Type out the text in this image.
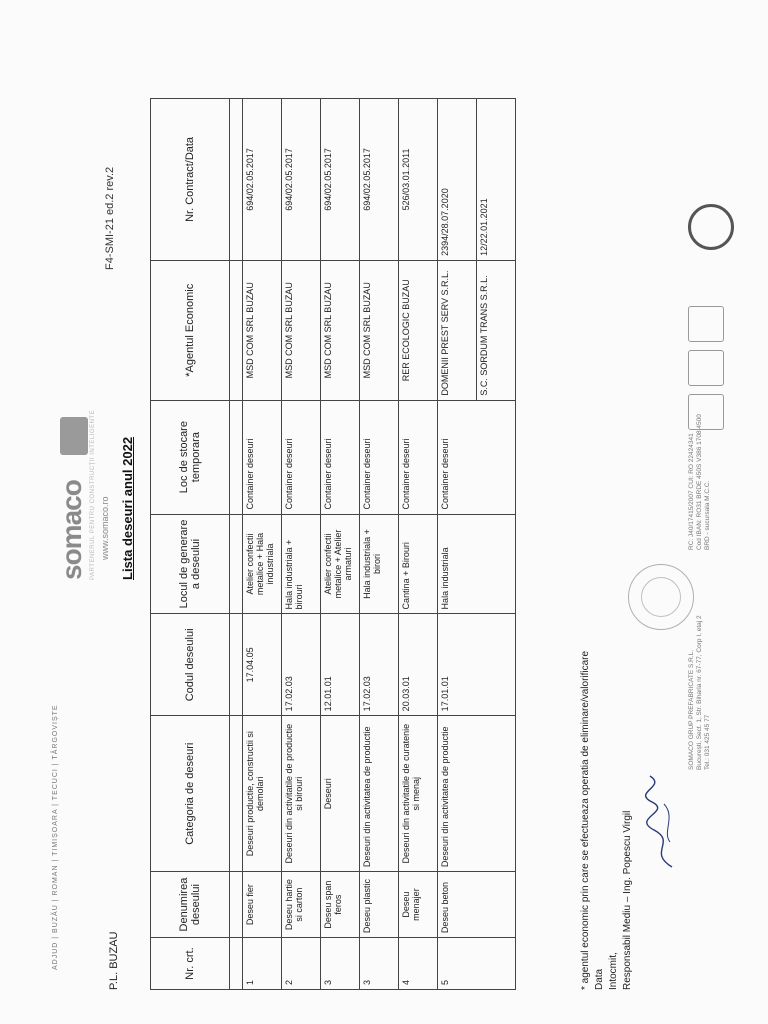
ADJUD | BUZĂU | ROMAN | TIMIȘOARA | TECUCI | TÂRGOVIȘTE
somaco PARTENERUL PENTRU CONSTRUCȚII INTELIGENTE www.somaco.ro
F4-SMI-21 ed.2 rev.2
P.L. BUZAU
Lista deseuri anul 2022
Nr. crt.	Denumirea deseului	Categoria de deseuri	Codul deseului	Locul de generare a deseului	Loc de stocare temporara	*Agentul Economic	Nr. Contract/Data

1	Deseu fier	Deseuri productie, constructii si demolari	17.04.05	Atelier confectii metalice + Hala industriala	Container deseuri	MSD COM SRL BUZAU	694/02.05.2017
2	Deseu hartie si carton	Deseuri din activitatile de productie si birouri	17.02.03	Hala industriala + birouri	Container deseuri	MSD COM SRL BUZAU	694/02.05.2017
3	Deseu span feros	Deseuri	12.01.01	Atelier confectii metalice + Atelier armaturi	Container deseuri	MSD COM SRL BUZAU	694/02.05.2017
3	Deseu plastic	Deseuri din activitatea de productie	17.02.03	Hala industriala + birori	Container deseuri	MSD COM SRL BUZAU	694/02.05.2017
4	Deseu menajer	Deseuri din activitatile de curatenie si menaj	20.03.01	Cantina + Birouri	Container deseuri	RER ECOLOGIC BUZAU	526/03.01.2011
5	Deseu beton	Deseuri din activitatea de productie	17.01.01	Hala industriala	Container deseuri	DOMENII PREST SERV S.R.L.	2394/28.07.2020
						S.C. SORDUM TRANS S.R.L.	12/22.01.2021
* agentul economic prin care se efectueaza operatia de eliminare/valorificare Data Intocmit, Responsabil Mediu – Ing. Popescu Virgil
SOMACO GRUP PREFABRICATE S.R.L. București, Sect. 1, Str. Biharia nr. 67-77, Corp I, etaj 2 Tel.: 031 425 45 77
RC: J40/17415/2007 CUI: RO 22424341 Cod IBAN: RO31 BRDE 450S V386 1708 4500 BRD - sucursala M.C.C.
